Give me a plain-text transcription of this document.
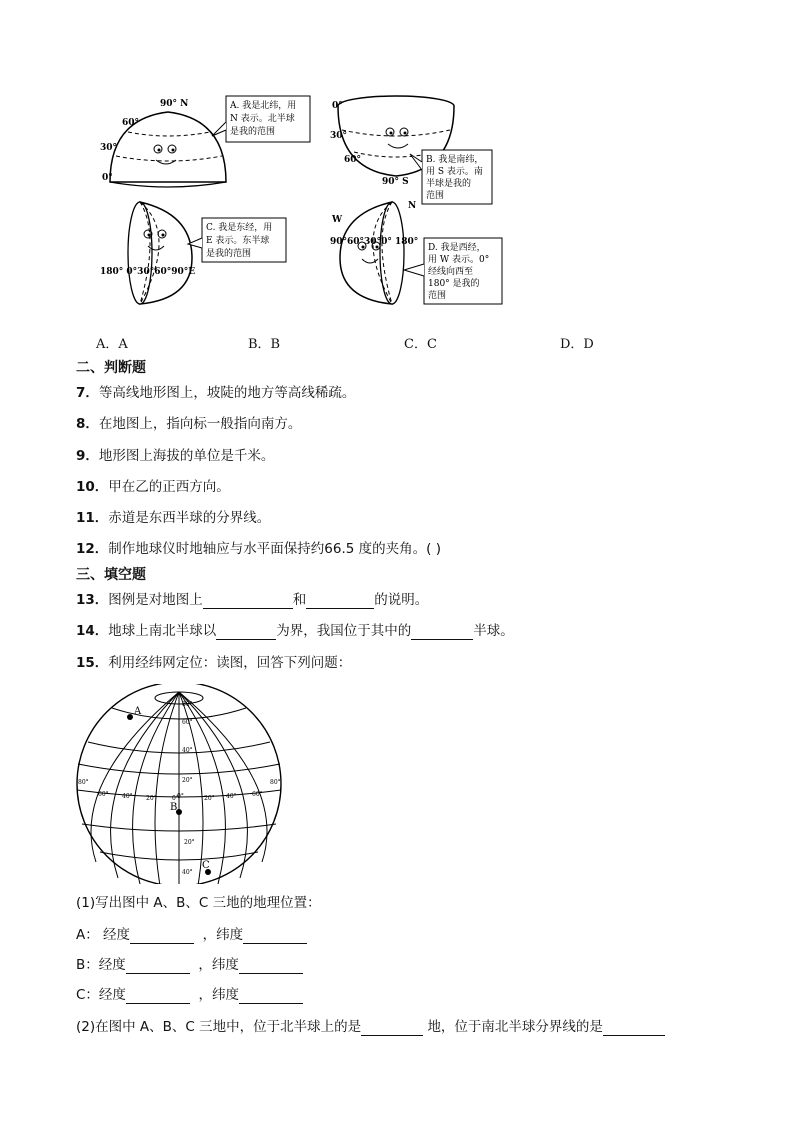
90° N
60°
30°
0°
A. 我是北纬，用
N 表示。北半球
是我的范围
0°
30°
60°
90° S
B. 我是南纬，
用 S 表示。南
半球是我的
范围
180° 0°30°60°90°E
C. 我是东经，用
E 表示。东半球
是我的范围
W
N
90°60°30°0° 180°
D. 我是西经，
用 W 表示。0°
经线向西至
180° 是我的
范围
A．A	B．B	C．C	D．D
二、判断题
7．等高线地形图上，坡陡的地方等高线稀疏。
8．在地图上，指向标一般指向南方。
9．地形图上海拔的单位是千米。
10．甲在乙的正西方向。
11．赤道是东西半球的分界线。
12．制作地球仪时地轴应与水平面保持约66.5 度的夹角。( )
三、填空题
13．图例是对地图上	和	的说明。
14．地球上南北半球以	为界，我国位于其中的	半球。
15．利用经纬网定位：读图，回答下列问题：
80°
60°
40°
20°
0°
20°
40°
80°
60° 40° 20°	0°	20° 40°	60°
80°
A
B
C
(1)写出图中 A、B、C 三地的地理位置：
A： 经度	，纬度
B：经度	，纬度
C：经度	，纬度
(2)在图中 A、B、C 三地中，位于北半球上的是	地，位于南北半球分界线的是
